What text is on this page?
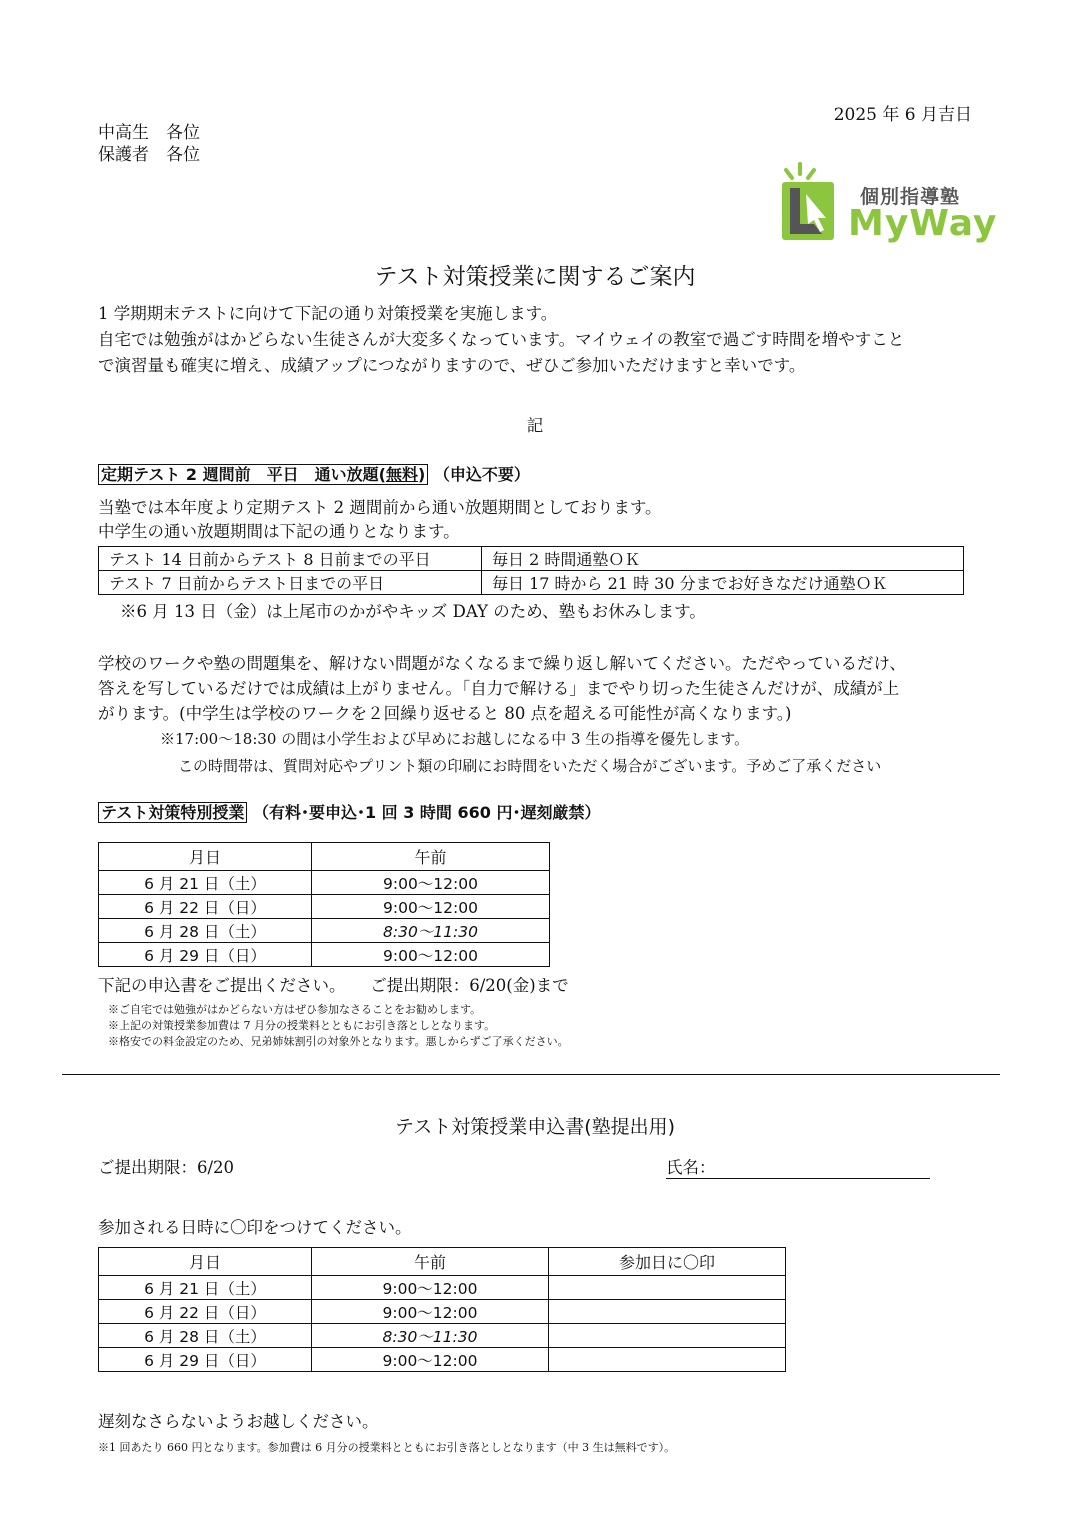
2025 年 6 月吉日
中高生　各位
保護者　各位
個別指導塾
MyWay
テスト対策授業に関するご案内
1 学期期末テストに向けて下記の通り対策授業を実施します。
自宅では勉強がはかどらない生徒さんが大変多くなっています。マイウェイの教室で過ごす時間を増やすこと
で演習量も確実に増え、成績アップにつながりますので、ぜひご参加いただけますと幸いです。
記
定期テスト 2 週間前　平日　通い放題(無料) （申込不要）
当塾では本年度より定期テスト 2 週間前から通い放題期間としております。
中学生の通い放題期間は下記の通りとなります。
テスト 14 日前からテスト 8 日前までの平日	毎日 2 時間通塾ＯＫ
テスト 7 日前からテスト日までの平日	毎日 17 時から 21 時 30 分までお好きなだけ通塾ＯＫ
※6 月 13 日（金）は上尾市のかがやキッズ DAY のため、塾もお休みします。
学校のワークや塾の問題集を、解けない問題がなくなるまで繰り返し解いてください。ただやっているだけ、
答えを写しているだけでは成績は上がりません。「自力で解ける」までやり切った生徒さんだけが、成績が上
がります。(中学生は学校のワークを２回繰り返せると 80 点を超える可能性が高くなります。)
※17:00～18:30 の間は小学生および早めにお越しになる中 3 生の指導を優先します。
この時間帯は、質問対応やプリント類の印刷にお時間をいただく場合がございます。予めご了承ください
テスト対策特別授業 （有料･要申込･1 回 3 時間 660 円･遅刻厳禁）
月日	午前
6 月 21 日（土）	9:00～12:00
6 月 22 日（日）	9:00～12:00
6 月 28 日（土）	8:30～11:30
6 月 29 日（日）	9:00～12:00
下記の申込書をご提出ください。　　ご提出期限：6/20(金)まで
※ご自宅では勉強がはかどらない方はぜひ参加なさることをお勧めします。
※上記の対策授業参加費は 7 月分の授業料とともにお引き落としとなります。
※格安での料金設定のため、兄弟姉妹割引の対象外となります。悪しからずご了承ください。
テスト対策授業申込書(塾提出用)
ご提出期限：6/20	氏名：
参加される日時に〇印をつけてください。
月日	午前	参加日に〇印
6 月 21 日（土）	9:00～12:00	
6 月 22 日（日）	9:00～12:00	
6 月 28 日（土）	8:30～11:30	
6 月 29 日（日）	9:00～12:00	
遅刻なさらないようお越しください。
※1 回あたり 660 円となります。参加費は 6 月分の授業料とともにお引き落としとなります（中 3 生は無料です）。
